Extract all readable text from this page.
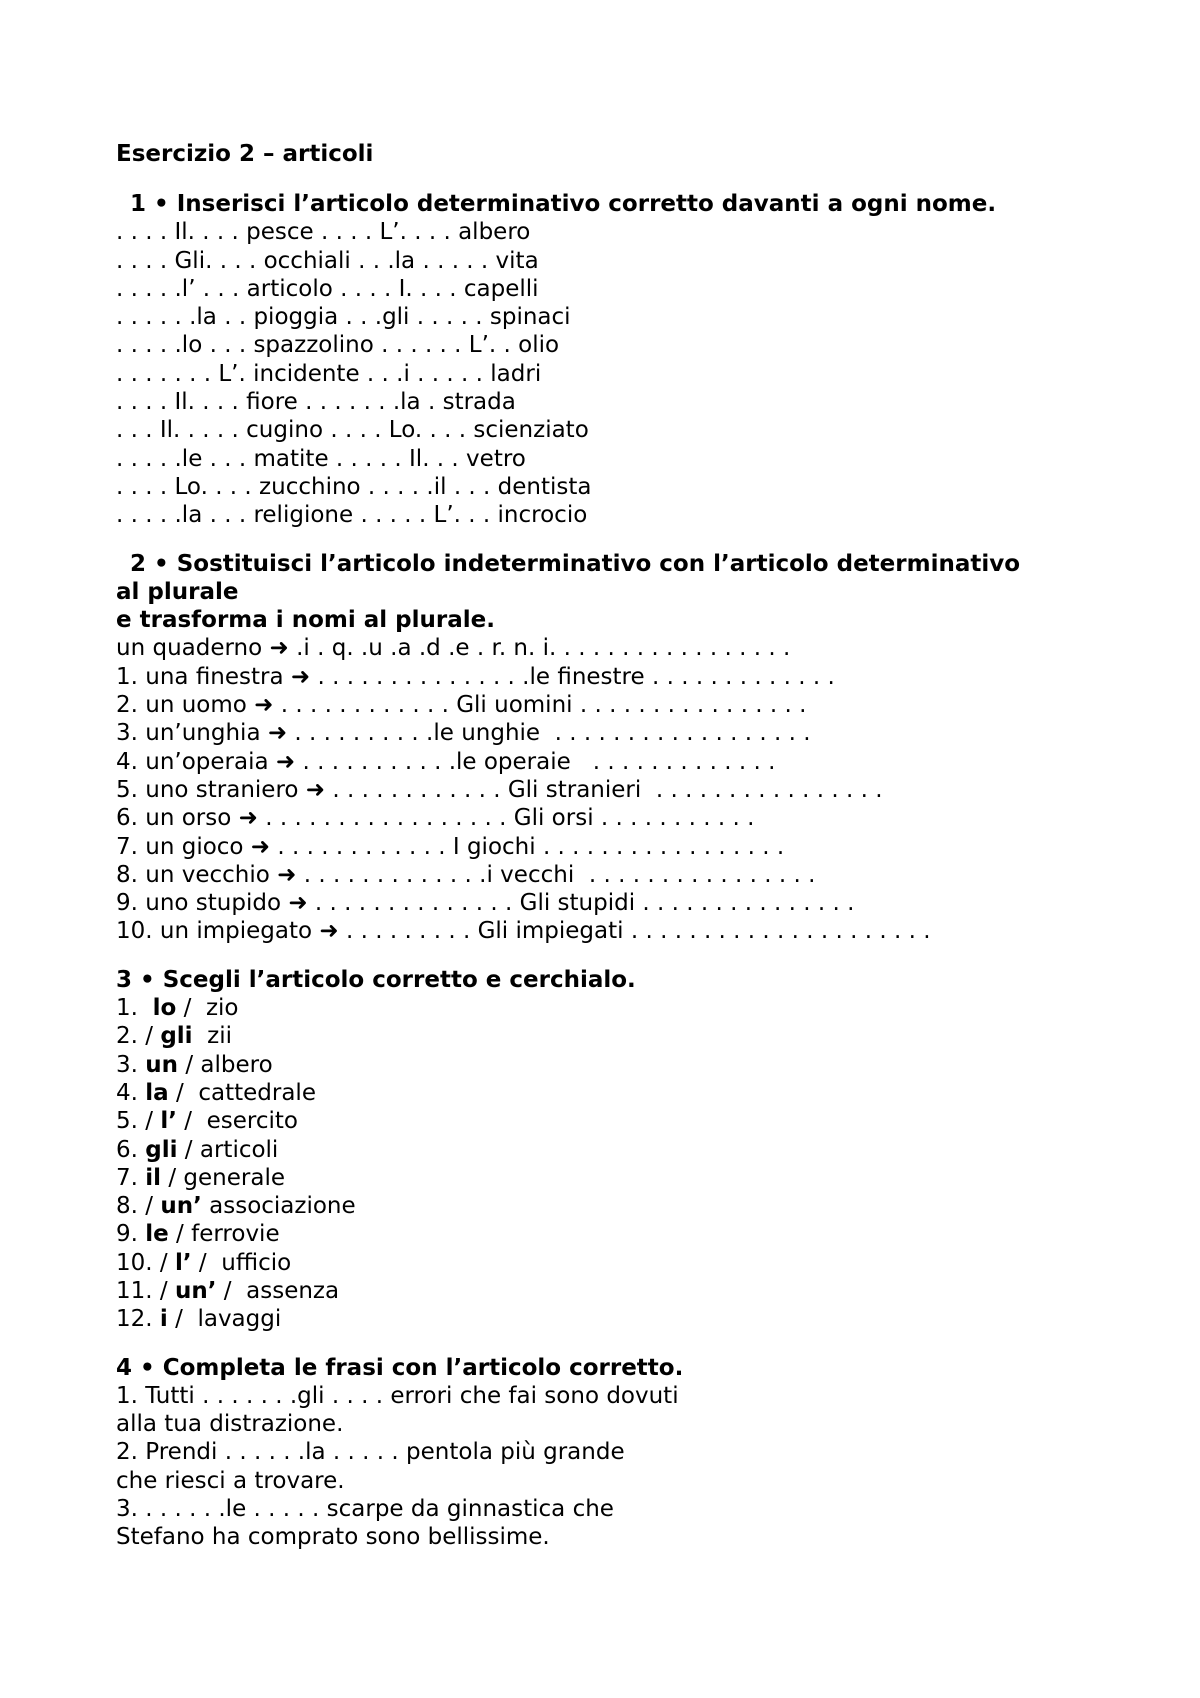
Esercizio 2 – articoli
1 • Inserisci l’articolo determinativo corretto davanti a ogni nome.
. . . . Il. . . . pesce . . . . L’. . . . albero
. . . . Gli. . . . occhiali . . .la . . . . . vita
. . . . .l’ . . . articolo . . . . I. . . . capelli
. . . . . .la . . pioggia . . .gli . . . . . spinaci
. . . . .lo . . . spazzolino . . . . . . L’. . olio
. . . . . . . L’. incidente . . .i . . . . . ladri
. . . . Il. . . . fiore . . . . . . .la . strada
. . . Il. . . . . cugino . . . . Lo. . . . scienziato
. . . . .le . . . matite . . . . . Il. . . vetro
. . . . Lo. . . . zucchino . . . . .il . . . dentista
. . . . .la . . . religione . . . . . L’. . . incrocio
2 • Sostituisci l’articolo indeterminativo con l’articolo determinativo
al plurale
e trasforma i nomi al plurale.
un quaderno ➜ .i . q. .u .a .d .e . r. n. i. . . . . . . . . . . . . . . . .
1. una finestra ➜ . . . . . . . . . . . . . . .le finestre . . . . . . . . . . . . .
2. un uomo ➜ . . . . . . . . . . . . Gli uomini . . . . . . . . . . . . . . . .
3. un’unghia ➜ . . . . . . . . . .le unghie  . . . . . . . . . . . . . . . . . .
4. un’operaia ➜ . . . . . . . . . . .le operaie   . . . . . . . . . . . . .
5. uno straniero ➜ . . . . . . . . . . . . Gli stranieri  . . . . . . . . . . . . . . . .
6. un orso ➜ . . . . . . . . . . . . . . . . . Gli orsi . . . . . . . . . . .
7. un gioco ➜ . . . . . . . . . . . . I giochi . . . . . . . . . . . . . . . . .
8. un vecchio ➜ . . . . . . . . . . . . .i vecchi  . . . . . . . . . . . . . . . .
9. uno stupido ➜ . . . . . . . . . . . . . . Gli stupidi . . . . . . . . . . . . . . .
10. un impiegato ➜ . . . . . . . . . Gli impiegati . . . . . . . . . . . . . . . . . . . . .
3 • Scegli l’articolo corretto e cerchialo.
1.  lo /  zio
2. / gli  zii
3. un / albero
4. la /  cattedrale
5. / l’ /  esercito
6. gli / articoli
7. il / generale
8. / un’ associazione
9. le / ferrovie
10. / l’ /  ufficio
11. / un’ /  assenza
12. i /  lavaggi
4 • Completa le frasi con l’articolo corretto.
1. Tutti . . . . . . .gli . . . . errori che fai sono dovuti
alla tua distrazione.
2. Prendi . . . . . .la . . . . . pentola più grande
che riesci a trovare.
3. . . . . . .le . . . . . scarpe da ginnastica che
Stefano ha comprato sono bellissime.
